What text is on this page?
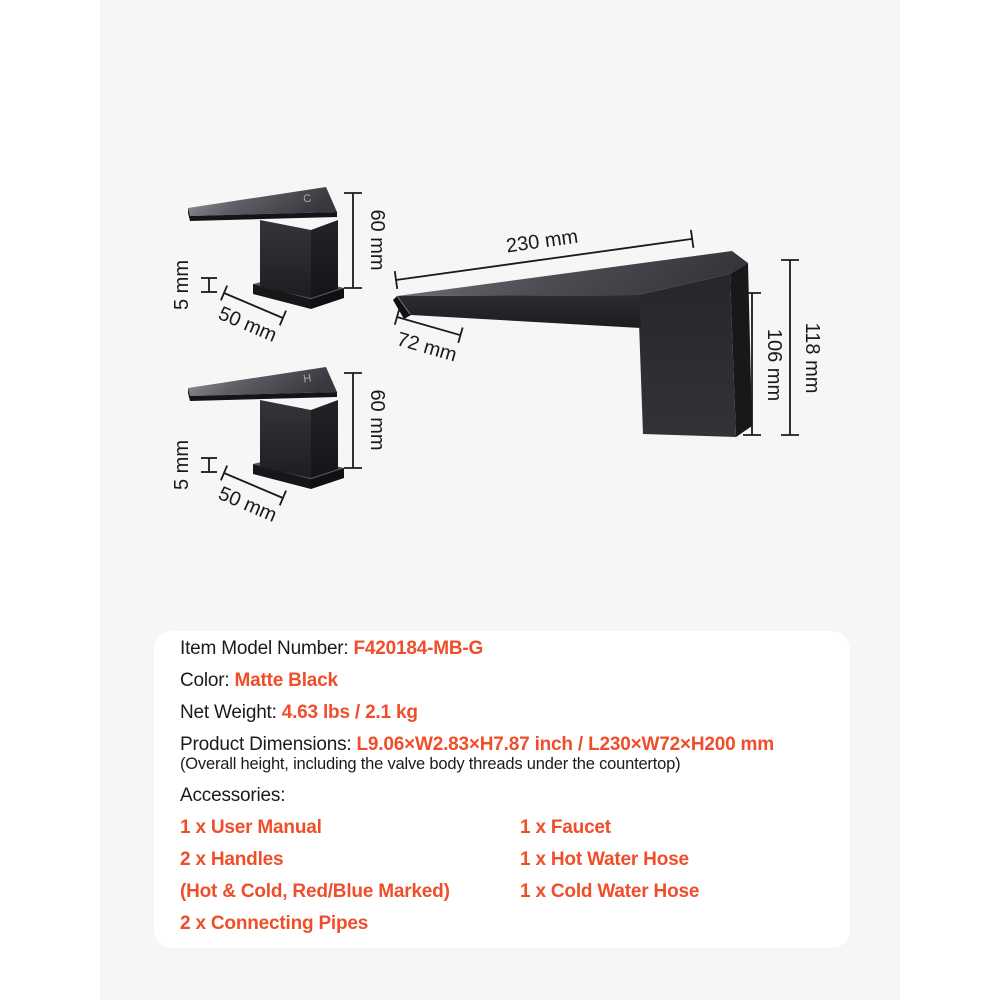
C
60 mm
5 mm
50 mm
H
60 mm
5 mm
50 mm
230 mm
72 mm	106 mm 118 mm
Item Model Number: F420184-MB-G
Color: Matte Black
Net Weight: 4.63 lbs / 2.1 kg
Product Dimensions: L9.06×W2.83×H7.87 inch / L230×W72×H200 mm
(Overall height, including the valve body threads under the countertop)
Accessories:
1 x User Manual
2 x Handles
(Hot & Cold, Red/Blue Marked)
2 x Connecting Pipes
1 x Faucet
1 x Hot Water Hose
1 x Cold Water Hose
